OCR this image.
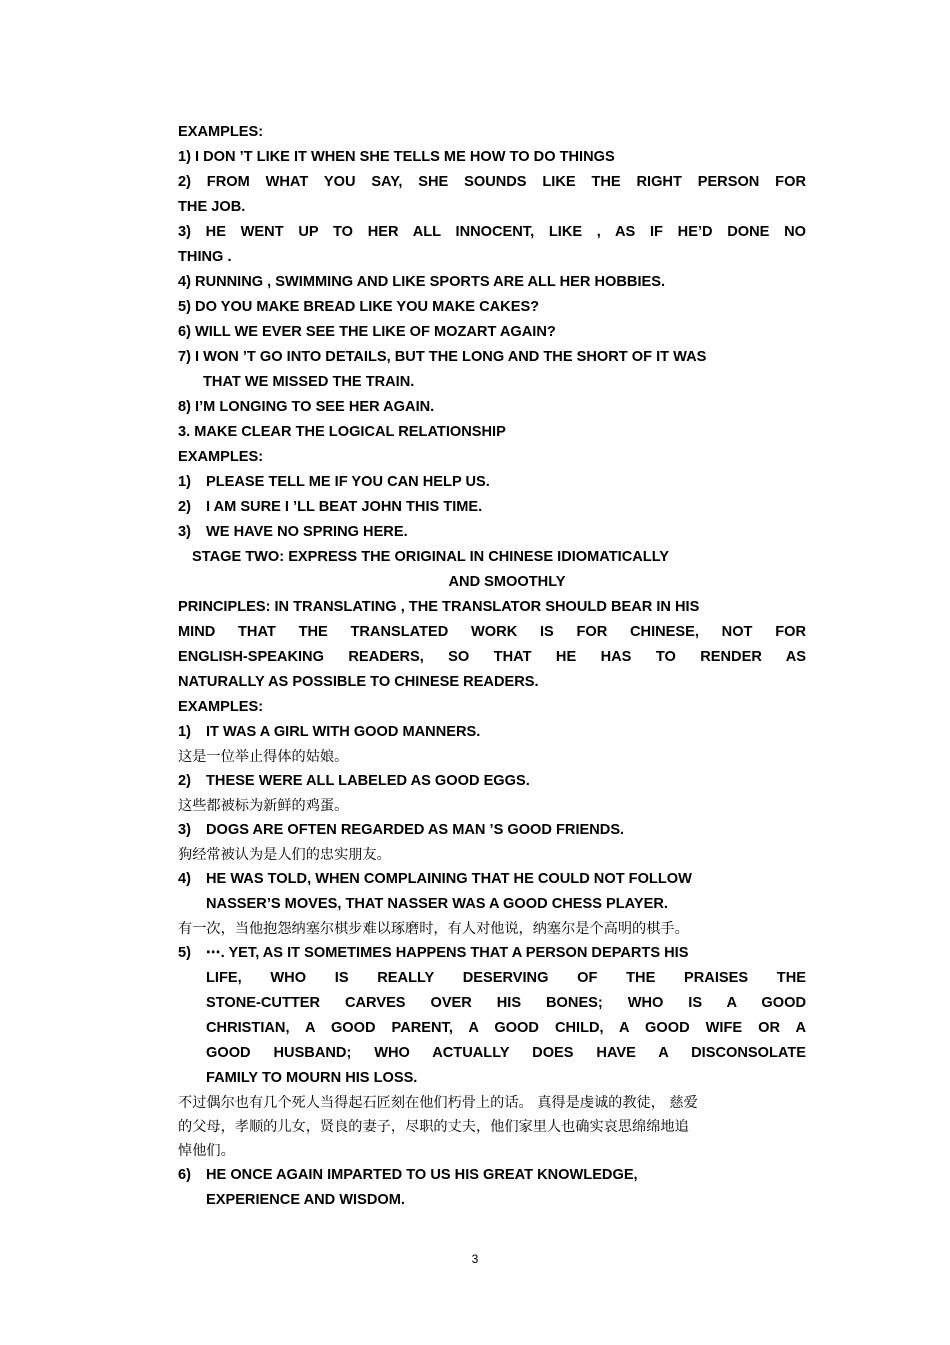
EXAMPLES:
1) I DON ’T LIKE IT WHEN SHE TELLS ME HOW TO DO THINGS
2) FROM WHAT YOU SAY, SHE SOUNDS LIKE THE RIGHT PERSON FOR
THE JOB.
3) HE WENT UP TO HER ALL INNOCENT, LIKE , AS IF HE’D DONE NO
THING .
4) RUNNING , SWIMMING AND LIKE SPORTS ARE ALL HER HOBBIES.
5) DO YOU MAKE BREAD LIKE YOU MAKE CAKES?
6) WILL WE EVER SEE THE LIKE OF MOZART AGAIN?
7) I WON ’T GO INTO DETAILS, BUT THE LONG AND THE SHORT OF IT WAS
THAT WE MISSED THE TRAIN.
8) I’M LONGING TO SEE HER AGAIN.
3. MAKE CLEAR THE LOGICAL RELATIONSHIP
EXAMPLES:
1) PLEASE TELL ME IF YOU CAN HELP US.
2) I AM SURE I ’LL BEAT JOHN THIS TIME.
3) WE HAVE NO SPRING HERE.
STAGE TWO: EXPRESS THE ORIGINAL IN CHINESE IDIOMATICALLY
AND SMOOTHLY
PRINCIPLES: IN TRANSLATING , THE TRANSLATOR SHOULD BEAR IN HIS
MIND THAT THE TRANSLATED WORK IS FOR CHINESE, NOT FOR
ENGLISH-SPEAKING READERS, SO THAT HE HAS TO RENDER AS
NATURALLY AS POSSIBLE TO CHINESE READERS.
EXAMPLES:
1) IT WAS A GIRL WITH GOOD MANNERS.
这是一位举止得体的姑娘。
2) THESE WERE ALL LABELED AS GOOD EGGS.
这些都被标为新鲜的鸡蛋。
3) DOGS ARE OFTEN REGARDED AS MAN ’S GOOD FRIENDS.
狗经常被认为是人们的忠实朋友。
4) HE WAS TOLD, WHEN COMPLAINING THAT HE COULD NOT FOLLOW
NASSER’S MOVES, THAT NASSER WAS A GOOD CHESS PLAYER.
有一次，当他抱怨纳塞尔棋步难以琢磨时，有人对他说，纳塞尔是个高明的棋手。
5) ⋯. YET, AS IT SOMETIMES HAPPENS THAT A PERSON DEPARTS HIS
LIFE, WHO IS REALLY DESERVING OF THE PRAISES THE
STONE-CUTTER CARVES OVER HIS BONES; WHO IS A GOOD
CHRISTIAN, A GOOD PARENT, A GOOD CHILD, A GOOD WIFE OR A
GOOD HUSBAND; WHO ACTUALLY DOES HAVE A DISCONSOLATE
FAMILY TO MOURN HIS LOSS.
不过偶尔也有几个死人当得起石匠刻在他们朽骨上的话。 真得是虔诚的教徒， 慈爱
的父母，孝顺的儿女，贤良的妻子，尽职的丈夫，他们家里人也确实哀思绵绵地追
悼他们。
6) HE ONCE AGAIN IMPARTED TO US HIS GREAT KNOWLEDGE,
EXPERIENCE AND WISDOM.
3
